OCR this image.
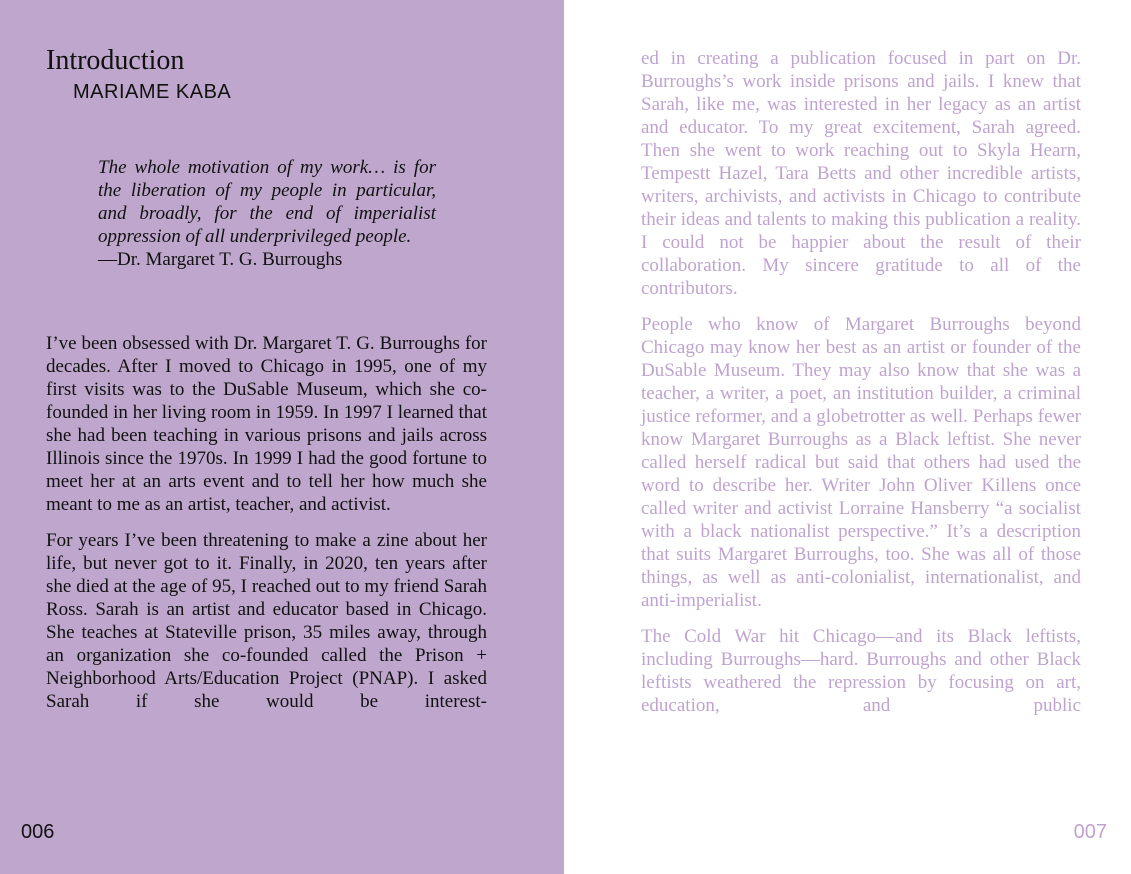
Introduction
MARIAME KABA
The whole motivation of my work… is for the liberation of my people in particular, and broadly, for the end of imperialist oppression of all underprivileged people.
—Dr. Margaret T. G. Burroughs

I’ve been obsessed with Dr. Margaret T. G. Burroughs for decades. After I moved to Chicago in 1995, one of my first visits was to the DuSable Museum, which she co-founded in her living room in 1959. In 1997 I learned that she had been teaching in various prisons and jails across Illinois since the 1970s. In 1999 I had the good fortune to meet her at an arts event and to tell her how much she meant to me as an artist, teacher, and activist.

For years I’ve been threatening to make a zine about her life, but never got to it. Finally, in 2020, ten years after she died at the age of 95, I reached out to my friend Sarah Ross. Sarah is an artist and educator based in Chicago. She teaches at Stateville prison, 35 miles away, through an organization she co-founded called the Prison + Neighborhood Arts/Education Project (PNAP). I asked Sarah if she would be interest-

006

ed in creating a publication focused in part on Dr. Burroughs’s work inside prisons and jails. I knew that Sarah, like me, was interested in her legacy as an artist and educator. To my great excitement, Sarah agreed. Then she went to work reaching out to Skyla Hearn, Tempestt Hazel, Tara Betts and other incredible artists, writers, archivists, and activists in Chicago to contribute their ideas and talents to making this publication a reality. I could not be happier about the result of their collaboration. My sincere gratitude to all of the contributors.

People who know of Margaret Burroughs beyond Chicago may know her best as an artist or founder of the DuSable Museum. They may also know that she was a teacher, a writer, a poet, an institution builder, a criminal justice reformer, and a globetrotter as well. Perhaps fewer know Margaret Burroughs as a Black leftist. She never called herself radical but said that others had used the word to describe her. Writer John Oliver Killens once called writer and activist Lorraine Hansberry “a socialist with a black nationalist perspective.” It’s a description that suits Margaret Burroughs, too. She was all of those things, as well as anti-colonialist, internationalist, and anti-imperialist.

The Cold War hit Chicago—and its Black leftists, including Burroughs—hard. Burroughs and other Black leftists weathered the repression by focusing on art, education, and public

007
